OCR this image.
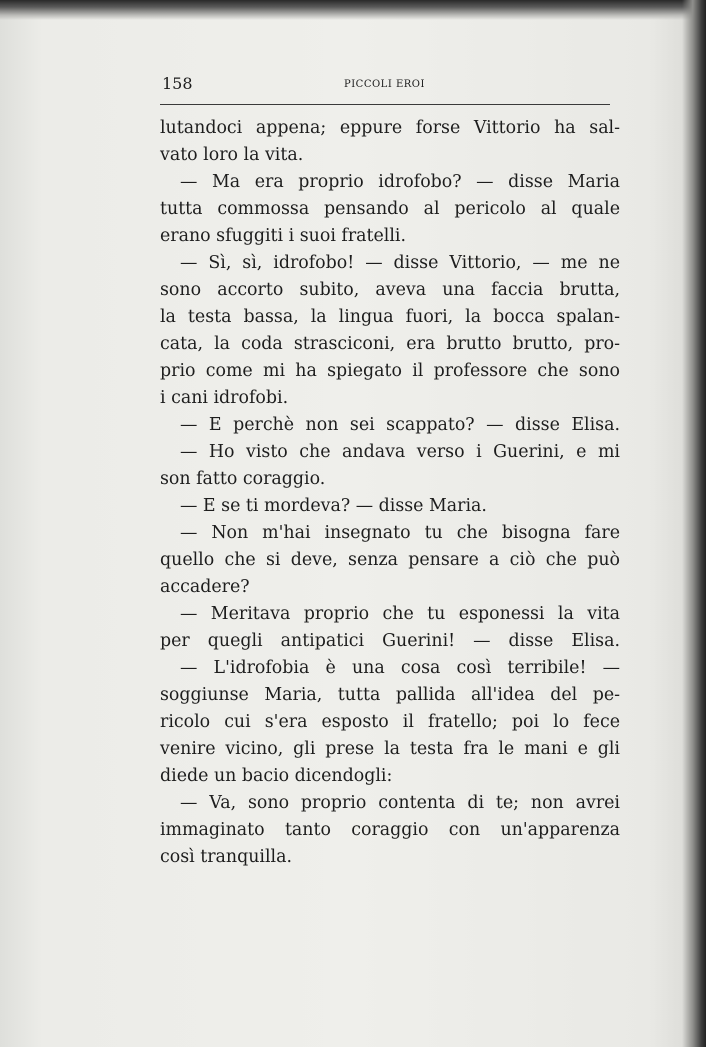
158	PICCOLI EROI
lutandoci appena; eppure forse Vittorio ha sal-
vato loro la vita.
— Ma era proprio idrofobo? — disse Maria
tutta commossa pensando al pericolo al quale
erano sfuggiti i suoi fratelli.
— Sì, sì, idrofobo! — disse Vittorio, — me ne
sono accorto subito, aveva una faccia brutta,
la testa bassa, la lingua fuori, la bocca spalan-
cata, la coda strasciconi, era brutto brutto, pro-
prio come mi ha spiegato il professore che sono
i cani idrofobi.
— E perchè non sei scappato? — disse Elisa.
— Ho visto che andava verso i Guerini, e mi
son fatto coraggio.
— E se ti mordeva? — disse Maria.
— Non m'hai insegnato tu che bisogna fare
quello che si deve, senza pensare a ciò che può
accadere?
— Meritava proprio che tu esponessi la vita
per quegli antipatici Guerini! — disse Elisa.
— L'idrofobia è una cosa così terribile! —
soggiunse Maria, tutta pallida all'idea del pe-
ricolo cui s'era esposto il fratello; poi lo fece
venire vicino, gli prese la testa fra le mani e gli
diede un bacio dicendogli:
— Va, sono proprio contenta di te; non avrei
immaginato tanto coraggio con un'apparenza
così tranquilla.
